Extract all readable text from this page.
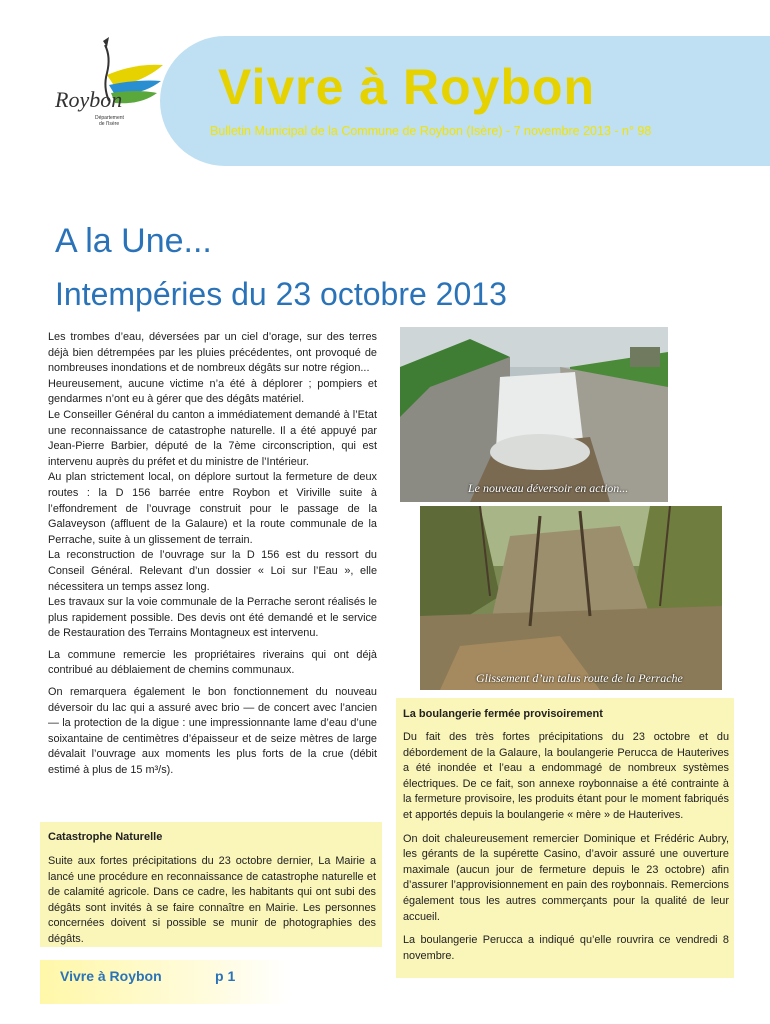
Roybon
Département
de l'Isère
Vivre à Roybon
Bulletin Municipal de la Commune de Roybon (Isère) - 7 novembre 2013 - n° 98
A la Une...
Intempéries du 23 octobre 2013

Les trombes d’eau, déversées par un ciel d’orage, sur des terres déjà bien détrempées par les pluies précédentes, ont provoqué de nombreuses inondations et de nombreux dégâts sur notre région...

Heureusement, aucune victime n’a été à déplorer ; pompiers et gendarmes n’ont eu à gérer que des dégâts matériel.

Le Conseiller Général du canton a immédiatement demandé à l’Etat une reconnaissance de catastrophe naturelle. Il a été appuyé par Jean-Pierre Barbier, député de la 7ème circonscription, qui est intervenu auprès du préfet et du ministre de l’Intérieur.

Au plan strictement local, on déplore surtout la fermeture de deux routes : la D 156 barrée entre Roybon et Viriville suite à l’effondrement de l’ouvrage construit pour le passage de la Galaveyson (affluent de la Galaure) et la route communale de la Perrache, suite à un glissement de terrain.

La reconstruction de l’ouvrage sur la D 156 est du ressort du Conseil Général. Relevant d’un dossier « Loi sur l’Eau », elle nécessitera un temps assez long.

Les travaux sur la voie communale de la Perrache seront réalisés le plus rapidement possible. Des devis ont été demandé et le service de Restauration des Terrains Montagneux est intervenu.

La commune remercie les propriétaires riverains qui ont déjà contribué au déblaiement de chemins communaux.

On remarquera également le bon fonctionnement du nouveau déversoir du lac qui a assuré avec brio — de concert avec l’ancien — la protection de la digue : une impressionnante lame d’eau d’une soixantaine de centimètres d’épaisseur et de seize mètres de large dévalait l’ouvrage aux moments les plus forts de la crue (débit estimé à plus de 15 m³/s).

Le nouveau déversoir en action...
Glissement d’un talus route de la Perrache
Catastrophe Naturelle
Suite aux fortes précipitations du 23 octobre dernier, La Mairie a lancé une procédure en reconnaissance de catastrophe naturelle et de calamité agricole. Dans ce cadre, les habitants qui ont subi des dégâts sont invités à se faire connaître en Mairie. Les personnes concernées doivent si possible se munir de photographies des dégâts.
La boulangerie fermée provisoirement

Du fait des très fortes précipitations du 23 octobre et du débordement de la Galaure, la boulangerie Perucca de Hauterives a été inondée et l’eau a endommagé de nombreux systèmes électriques. De ce fait, son annexe roybonnaise a été contrainte à la fermeture provisoire, les produits étant pour le moment fabriqués et apportés depuis la boulangerie « mère » de Hauterives.

On doit chaleureusement remercier Dominique et Frédéric Aubry, les gérants de la supérette Casino, d’avoir assuré une ouverture maximale (aucun jour de fermeture depuis le 23 octobre) afin d’assurer l’approvisionnement en pain des roybonnais. Remercions également tous les autres commerçants pour la qualité de leur accueil.

La boulangerie Perucca a indiqué qu’elle rouvrira ce vendredi 8 novembre.

Vivre à Roybon	p 1
